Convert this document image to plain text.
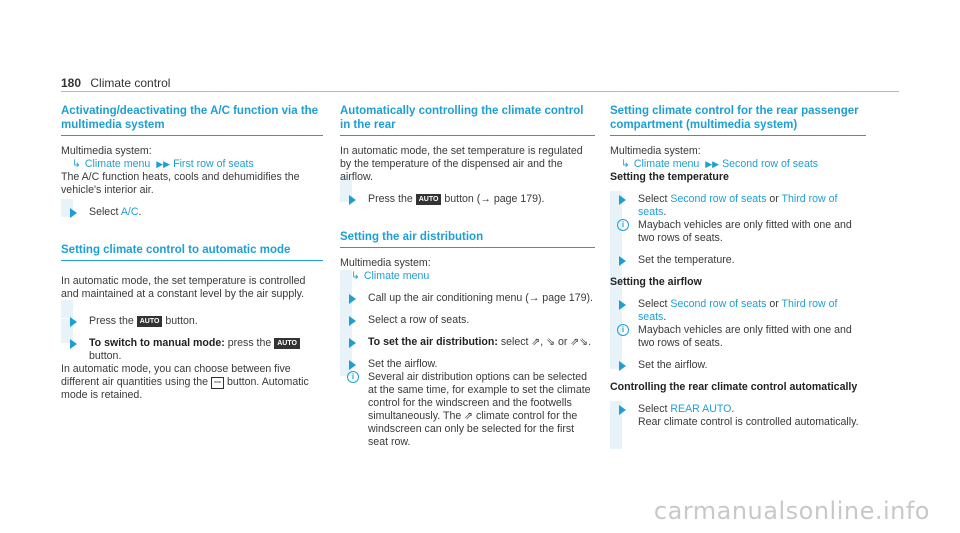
180 Climate control
Activating/deactivating the A/C function via the multimedia system

Multimedia system:

↳ Climate menu ▶▶ First row of seats

The A/C function heats, cools and dehumidifies the vehicle's interior air.

Select A/C.

Setting climate control to automatic mode

In automatic mode, the set temperature is controlled and maintained at a constant level by the air supply.

Press the AUTO button.

To switch to manual mode: press the AUTO
button.

In automatic mode, you can choose between five different air quantities using the ꟷ button. Automatic mode is retained.

Automatically controlling the climate control in the rear

In automatic mode, the set temperature is regulated by the temperature of the dispensed air and the airflow.

Press the AUTO button (→ page 179).

Setting the air distribution

Multimedia system:

↳ Climate menu

Call up the air conditioning menu (→ page 179).

Select a row of seats.

To set the air distribution: select ⇗, ⇘ or ⇗⇘.

Set the airflow.

i	Several air distribution options can be selected at the same time, for example to set the climate control for the windscreen and the footwells simultaneously. The ⇗ climate control for the windscreen can only be selected for the first seat row.

Setting climate control for the rear passenger compartment (multimedia system)

Multimedia system:

↳ Climate menu ▶▶ Second row of seats

Setting the temperature

Select Second row of seats or Third row of seats.

i	Maybach vehicles are only fitted with one and two rows of seats.

Set the temperature.

Setting the airflow

Select Second row of seats or Third row of seats.

i	Maybach vehicles are only fitted with one and two rows of seats.

Set the airflow.

Controlling the rear climate control automatically

Select REAR AUTO.
Rear climate control is controlled automatically.

carmanualsonline.info
